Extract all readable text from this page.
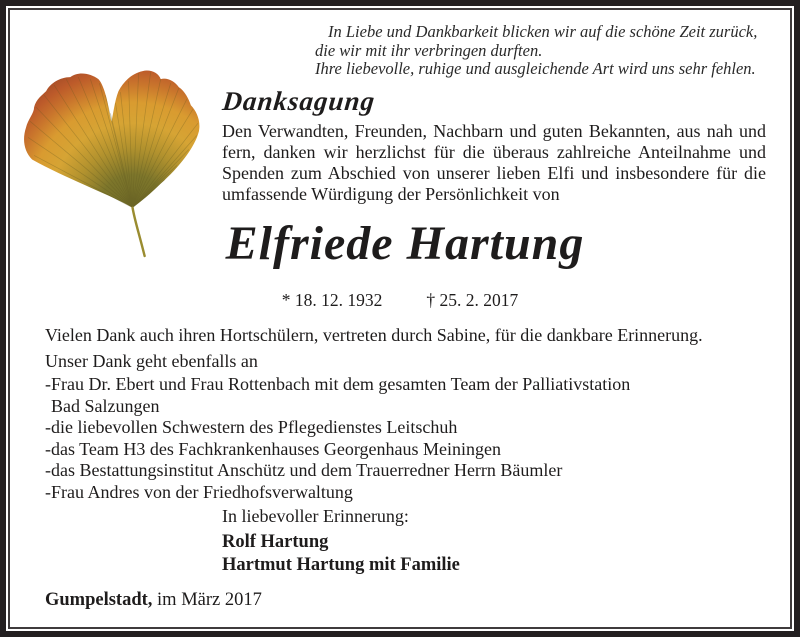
In Liebe und Dankbarkeit blicken wir auf die schöne Zeit zurück,
die wir mit ihr verbringen durften.
Ihre liebevolle, ruhige und ausgleichende Art wird uns sehr fehlen.
Danksagung
Den Verwandten, Freunden, Nachbarn und guten Bekannten, aus nah und fern, danken wir herzlichst für die überaus zahlreiche Anteilnahme und Spenden zum Abschied von unserer lieben Elfi und insbesondere für die umfassende Würdigung der Persönlichkeit von
Elfriede Hartung
* 18. 12. 1932	† 25. 2. 2017
Vielen Dank auch ihren Hortschülern, vertreten durch Sabine, für die dankbare Erinnerung.
Unser Dank geht ebenfalls an
-Frau Dr. Ebert und Frau Rottenbach mit dem gesamten Team der Palliativstation
Bad Salzungen
-die liebevollen Schwestern des Pflegedienstes Leitschuh
-das Team H3 des Fachkrankenhauses Georgenhaus Meiningen
-das Bestattungsinstitut Anschütz und dem Trauerredner Herrn Bäumler
-Frau Andres von der Friedhofsverwaltung
In liebevoller Erinnerung:
Rolf Hartung
Hartmut Hartung mit Familie
Gumpelstadt, im März 2017
